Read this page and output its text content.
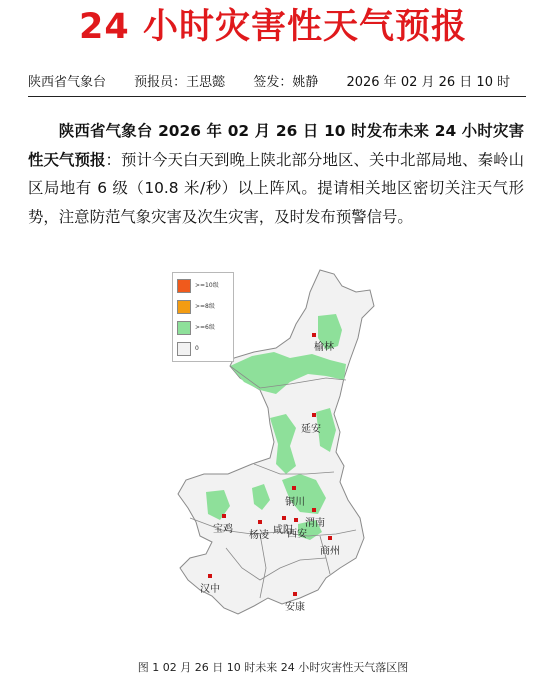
24 小时灾害性天气预报
陕西省气象台 预报员：王思懿 签发：姚静 2026 年 02 月 26 日 10 时
陕西省气象台 2026 年 02 月 26 日 10 时发布未来 24 小时灾害性天气预报：预计今天白天到晚上陕北部分地区、关中北部局地、秦岭山区局地有 6 级（10.8 米/秒）以上阵风。提请相关地区密切关注天气形势，注意防范气象灾害及次生灾害，及时发布预警信号。
榆林
延安
铜川
宝鸡
杨凌 咸阳
西安
渭南
商州
汉中
安康
>=10级
>=8级
>=6级
0
图 1 02 月 26 日 10 时未来 24 小时灾害性天气落区图
